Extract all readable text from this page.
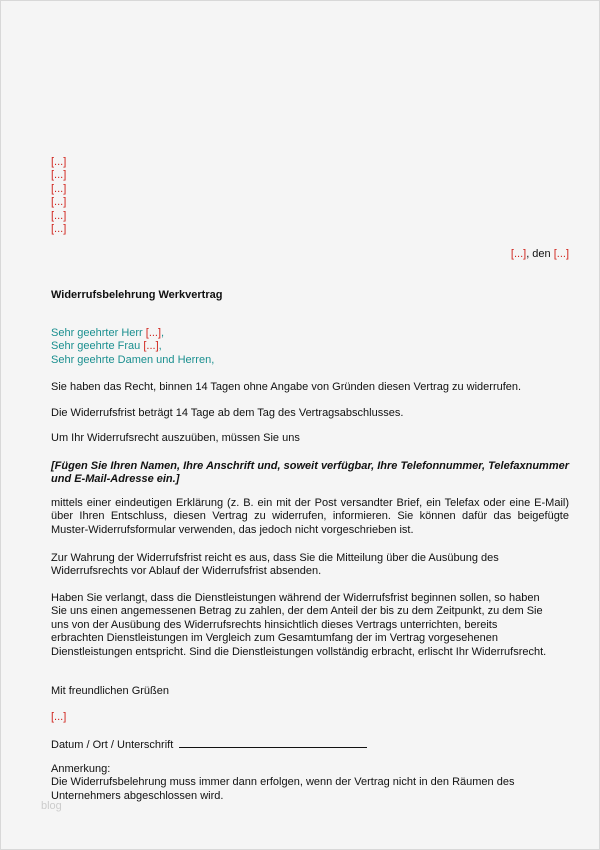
[...]
[...]
[...]
[...]
[...]
[...]
[...], den [...]
Widerrufsbelehrung Werkvertrag
Sehr geehrter Herr [...],
Sehr geehrte Frau [...],
Sehr geehrte Damen und Herren,
Sie haben das Recht, binnen 14 Tagen ohne Angabe von Gründen diesen Vertrag zu widerrufen.
Die Widerrufsfrist beträgt 14 Tage ab dem Tag des Vertragsabschlusses.
Um Ihr Widerrufsrecht auszuüben, müssen Sie uns
[Fügen Sie Ihren Namen, Ihre Anschrift und, soweit verfügbar, Ihre Telefonnummer, Telefaxnummer und E-Mail-Adresse ein.]
mittels einer eindeutigen Erklärung (z. B. ein mit der Post versandter Brief, ein Telefax oder eine E-Mail) über Ihren Entschluss, diesen Vertrag zu widerrufen, informieren. Sie können dafür das beigefügte Muster-Widerrufsformular verwenden, das jedoch nicht vorgeschrieben ist.
Zur Wahrung der Widerrufsfrist reicht es aus, dass Sie die Mitteilung über die Ausübung des
Widerrufsrechts vor Ablauf der Widerrufsfrist absenden.
Haben Sie verlangt, dass die Dienstleistungen während der Widerrufsfrist beginnen sollen, so haben
Sie uns einen angemessenen Betrag zu zahlen, der dem Anteil der bis zu dem Zeitpunkt, zu dem Sie
uns von der Ausübung des Widerrufsrechts hinsichtlich dieses Vertrags unterrichten, bereits
erbrachten Dienstleistungen im Vergleich zum Gesamtumfang der im Vertrag vorgesehenen
Dienstleistungen entspricht. Sind die Dienstleistungen vollständig erbracht, erlischt Ihr Widerrufsrecht.
Mit freundlichen Grüßen
[...]
Datum / Ort / Unterschrift
Anmerkung:
Die Widerrufsbelehrung muss immer dann erfolgen, wenn der Vertrag nicht in den Räumen des
Unternehmers abgeschlossen wird.
blog
